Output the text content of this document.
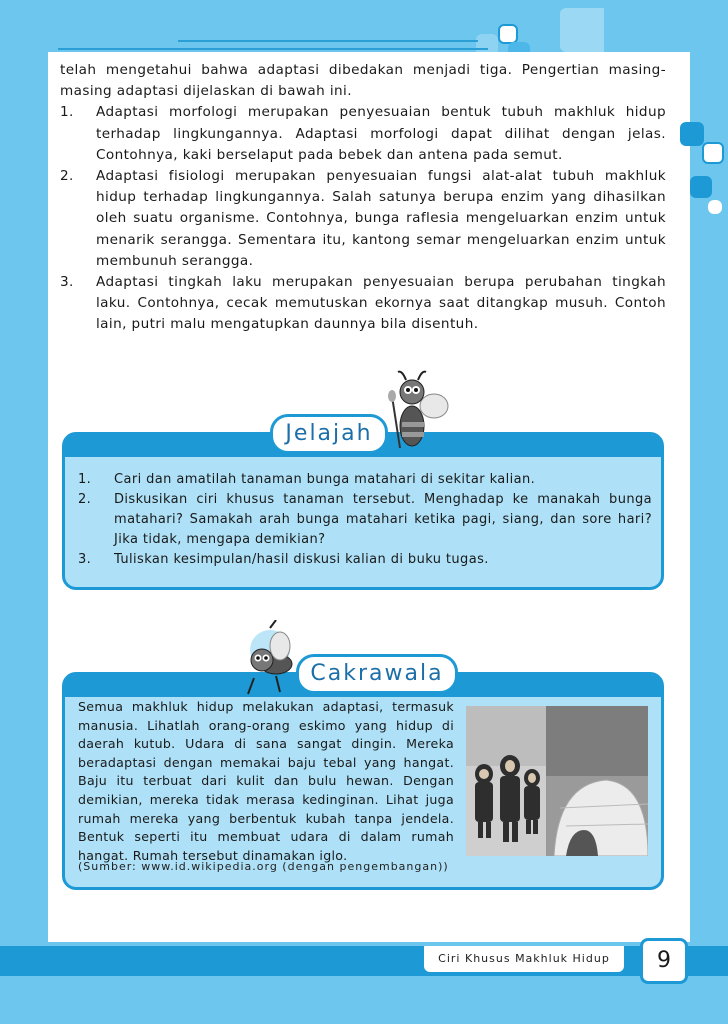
telah mengetahui bahwa adaptasi dibedakan menjadi tiga. Pengertian masing-masing adaptasi dijelaskan di bawah ini.

1. Adaptasi morfologi merupakan penyesuaian bentuk tubuh makhluk hidup terhadap lingkungannya. Adaptasi morfologi dapat dilihat dengan jelas. Contohnya, kaki berselaput pada bebek dan antena pada semut.
2. Adaptasi fisiologi merupakan penyesuaian fungsi alat-alat tubuh makhluk hidup terhadap lingkungannya. Salah satunya berupa enzim yang dihasilkan oleh suatu organisme. Contohnya, bunga raflesia mengeluarkan enzim untuk menarik serangga. Sementara itu, kantong semar mengeluarkan enzim untuk membunuh serangga.
3. Adaptasi tingkah laku merupakan penyesuaian berupa perubahan tingkah laku. Contohnya, cecak memutuskan ekornya saat ditangkap musuh. Contoh lain, putri malu mengatupkan daunnya bila disentuh.
Jelajah
1. Cari dan amatilah tanaman bunga matahari di sekitar kalian.
2. Diskusikan ciri khusus tanaman tersebut. Menghadap ke manakah bunga matahari? Samakah arah bunga matahari ketika pagi, siang, dan sore hari? Jika tidak, mengapa demikian?
3. Tuliskan kesimpulan/hasil diskusi kalian di buku tugas.
Cakrawala
Semua makhluk hidup melakukan adaptasi, termasuk manusia. Lihatlah orang-orang eskimo yang hidup di daerah kutub. Udara di sana sangat dingin. Mereka beradaptasi dengan memakai baju tebal yang hangat. Baju itu terbuat dari kulit dan bulu hewan. Dengan demikian, mereka tidak merasa kedinginan. Lihat juga rumah mereka yang berbentuk kubah tanpa jendela. Bentuk seperti itu membuat udara di dalam rumah hangat. Rumah tersebut dinamakan iglo.
(Sumber: www.id.wikipedia.org (dengan pengembangan))
Ciri Khusus Makhluk Hidup	9
